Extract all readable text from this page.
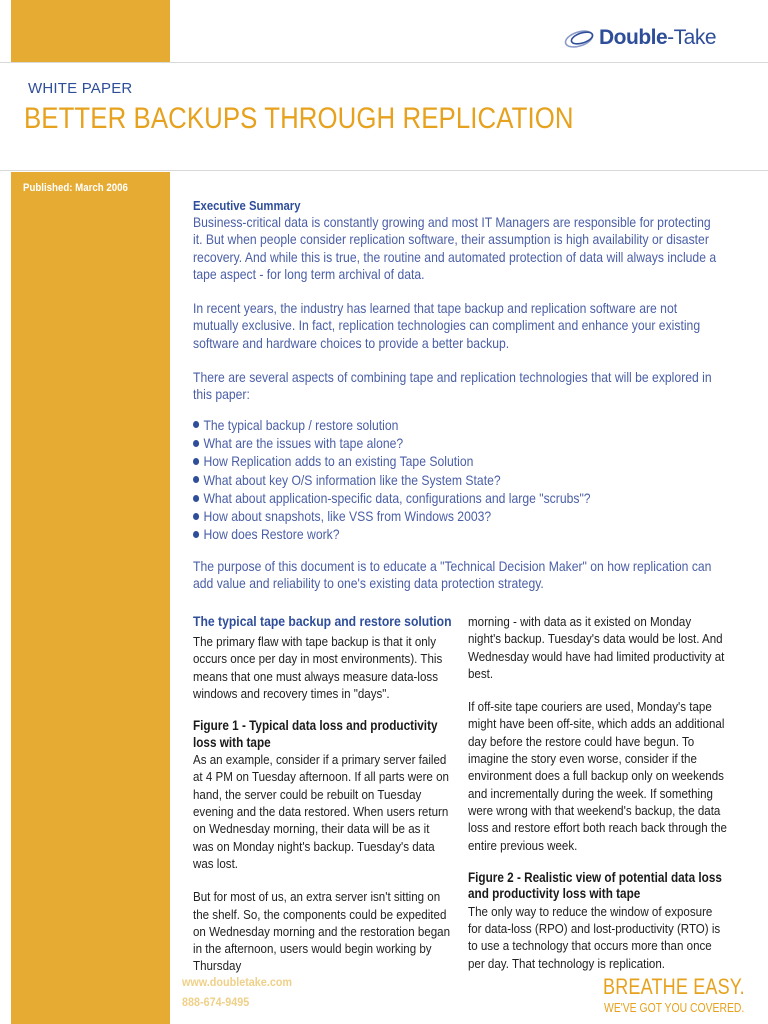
Double -Take
WHITE PAPER
BETTER BACKUPS THROUGH REPLICATION
Published: March 2006
Executive Summary

Business-critical data is constantly growing and most IT Managers are responsible for protecting it. But when people consider replication software, their assumption is high availability or disaster recovery. And while this is true, the routine and automated protection of data will always include a tape aspect - for long term archival of data.

In recent years, the industry has learned that tape backup and replication software are not mutually exclusive. In fact, replication technologies can compliment and enhance your existing software and hardware choices to provide a better backup.

There are several aspects of combining tape and replication technologies that will be explored in this paper:

The typical backup / restore solution
What are the issues with tape alone?
How Replication adds to an existing Tape Solution
What about key O/S information like the System State?
What about application-specific data, configurations and large "scrubs"?
How about snapshots, like VSS from Windows 2003?
How does Restore work?

The purpose of this document is to educate a "Technical Decision Maker" on how replication can add value and reliability to one's existing data protection strategy.

The typical tape backup and restore solution

The primary flaw with tape backup is that it only occurs once per day in most environments). This means that one must always measure data-loss windows and recovery times in "days".

Figure 1 - Typical data loss and productivity loss with tape

As an example, consider if a primary server failed at 4 PM on Tuesday afternoon. If all parts were on hand, the server could be rebuilt on Tuesday evening and the data restored. When users return on Wednesday morning, their data will be as it was on Monday night's backup. Tuesday's data was lost.

But for most of us, an extra server isn't sitting on the shelf. So, the components could be expedited on Wednesday morning and the restoration began in the afternoon, users would begin working by Thursday

morning - with data as it existed on Monday night's backup. Tuesday's data would be lost. And Wednesday would have had limited productivity at best.

If off-site tape couriers are used, Monday's tape might have been off-site, which adds an additional day before the restore could have begun. To imagine the story even worse, consider if the environment does a full backup only on weekends and incrementally during the week. If something were wrong with that weekend's backup, the data loss and restore effort both reach back through the entire previous week.

Figure 2 - Realistic view of potential data loss and productivity loss with tape

The only way to reduce the window of exposure for data-loss (RPO) and lost-productivity (RTO) is to use a technology that occurs more than once per day. That technology is replication.

www.doubletake.com
888-674-9495
BREATHE EASY.
WE'VE GOT YOU COVERED.
